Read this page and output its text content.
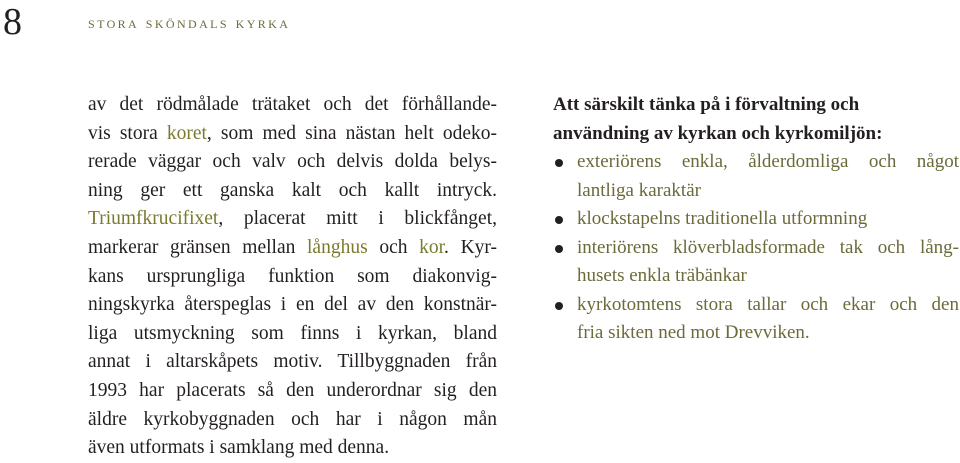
8	stora sköndals kyrka
av det rödmålade trätaket och det förhållande-
vis stora koret, som med sina nästan helt odeko-
rerade väggar och valv och delvis dolda belys-
ning ger ett ganska kalt och kallt intryck.
Triumfkrucifixet, placerat mitt i blickfånget,
markerar gränsen mellan långhus och kor. Kyr-
kans ursprungliga funktion som diakonvig-
ningskyrka återspeglas i en del av den konstnär-
liga utsmyckning som finns i kyrkan, bland
annat i altarskåpets motiv. Tillbyggnaden från
1993 har placerats så den underordnar sig den
äldre kyrkobyggnaden och har i någon mån
även utformats i samklang med denna.
Att särskilt tänka på i förvaltning och
användning av kyrkan och kyrkomiljön:
exteriörens enkla, ålderdomliga och något
lantliga karaktär
klockstapelns traditionella utformning
interiörens klöverbladsformade tak och lång-
husets enkla träbänkar
kyrkotomtens stora tallar och ekar och den
fria sikten ned mot Drevviken.
